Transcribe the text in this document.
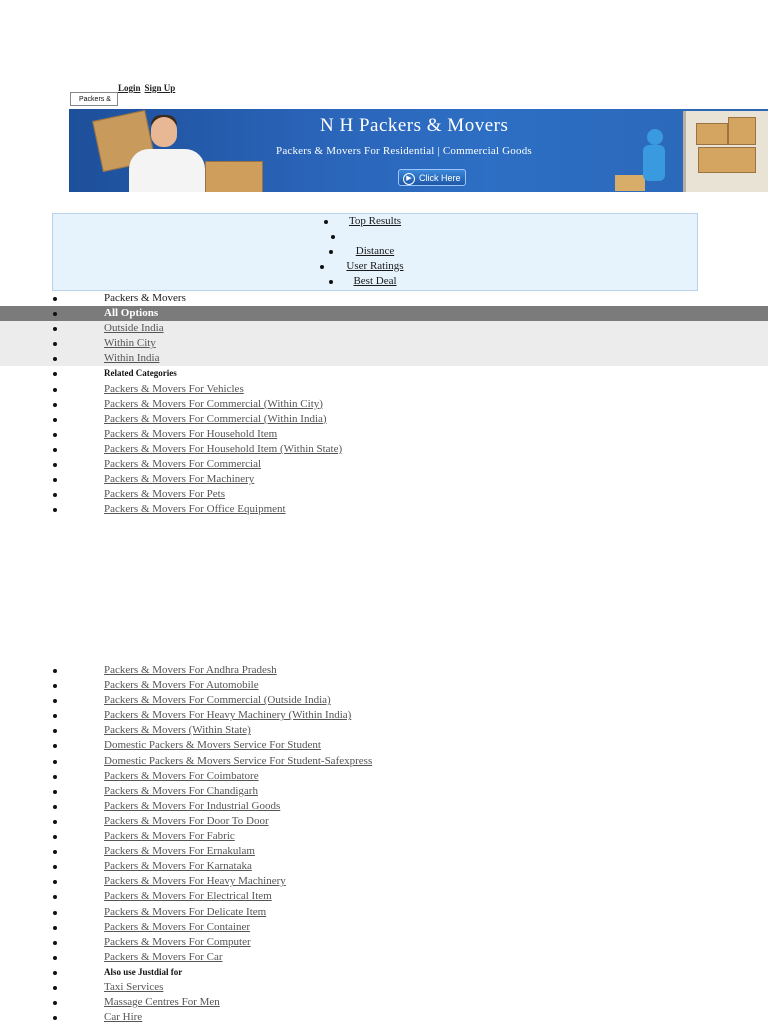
Login Sign Up
Packers &
N H Packers & Movers
Packers & Movers For Residential | Commercial Goods
▶ Click Here
Top Results
Distance
User Ratings
Best Deal
Packers & Movers
All Options
Outside India
Within City
Within India
Related Categories
Packers & Movers For Vehicles
Packers & Movers For Commercial (Within City)
Packers & Movers For Commercial (Within India)
Packers & Movers For Household Item
Packers & Movers For Household Item (Within State)
Packers & Movers For Commercial
Packers & Movers For Machinery
Packers & Movers For Pets
Packers & Movers For Office Equipment
Packers & Movers For Andhra Pradesh
Packers & Movers For Automobile
Packers & Movers For Commercial (Outside India)
Packers & Movers For Heavy Machinery (Within India)
Packers & Movers (Within State)
Domestic Packers & Movers Service For Student
Domestic Packers & Movers Service For Student-Safexpress
Packers & Movers For Coimbatore
Packers & Movers For Chandigarh
Packers & Movers For Industrial Goods
Packers & Movers For Door To Door
Packers & Movers For Fabric
Packers & Movers For Ernakulam
Packers & Movers For Karnataka
Packers & Movers For Heavy Machinery
Packers & Movers For Electrical Item
Packers & Movers For Delicate Item
Packers & Movers For Container
Packers & Movers For Computer
Packers & Movers For Car
Also use Justdial for
Taxi Services
Massage Centres For Men
Car Hire
